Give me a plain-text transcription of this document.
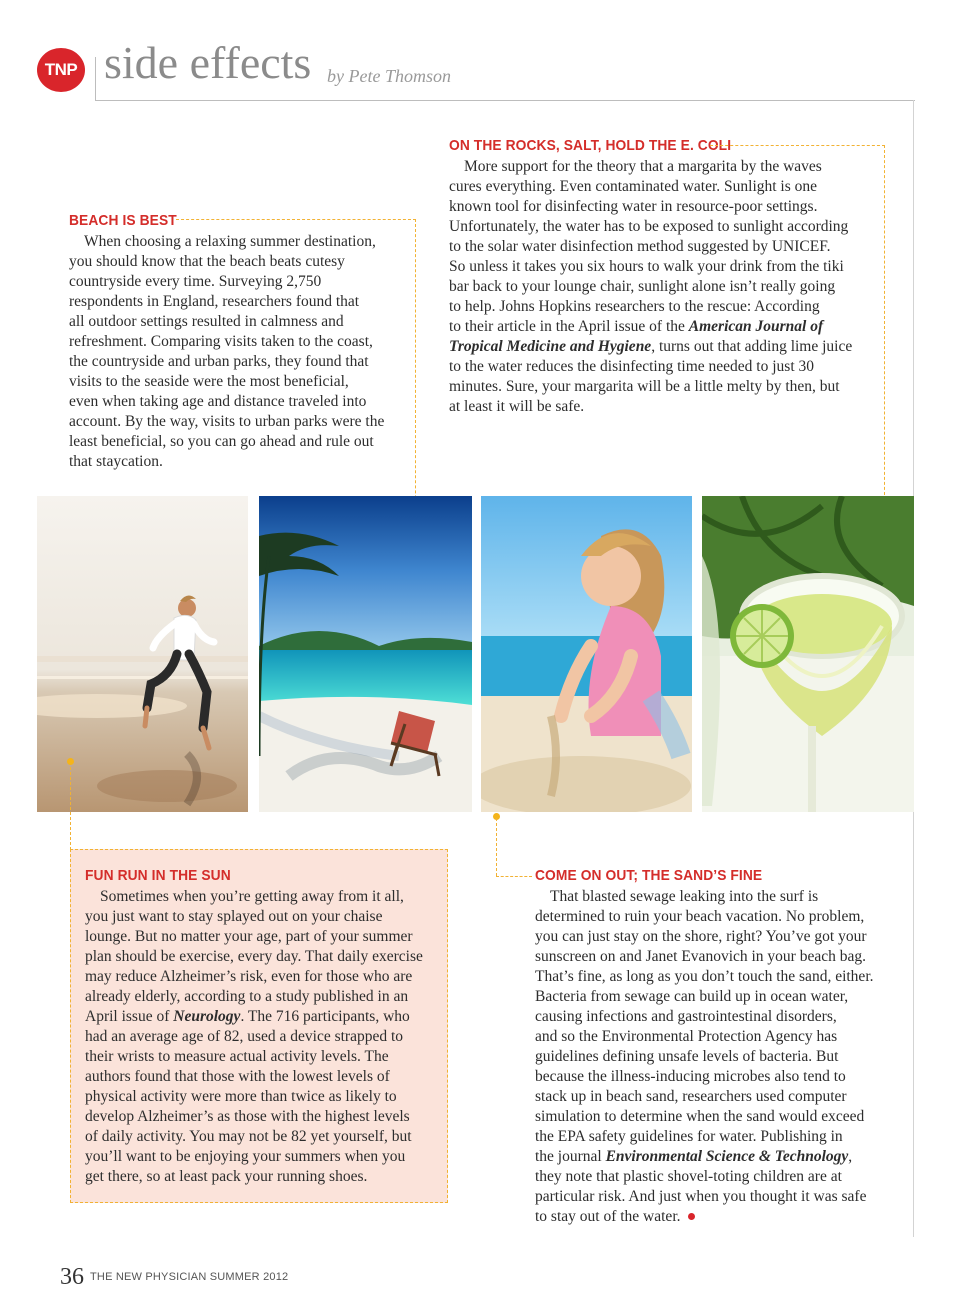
TNP side effects by Pete Thomson
ON THE ROCKS, SALT, HOLD THE E. COLI
More support for the theory that a margarita by the waves
cures everything. Even contaminated water. Sunlight is one
known tool for disinfecting water in resource-poor settings.
Unfortunately, the water has to be exposed to sunlight according
to the solar water disinfection method suggested by UNICEF.
So unless it takes you six hours to walk your drink from the tiki
bar back to your lounge chair, sunlight alone isn’t really going
to help. Johns Hopkins researchers to the rescue: According
to their article in the April issue of the American Journal of
Tropical Medicine and Hygiene, turns out that adding lime juice
to the water reduces the disinfecting time needed to just 30
minutes. Sure, your margarita will be a little melty by then, but
at least it will be safe.
BEACH IS BEST
When choosing a relaxing summer destination,
you should know that the beach beats cutesy
countryside every time. Surveying 2,750
respondents in England, researchers found that
all outdoor settings resulted in calmness and
refreshment. Comparing visits taken to the coast,
the countryside and urban parks, they found that
visits to the seaside were the most beneficial,
even when taking age and distance traveled into
account. By the way, visits to urban parks were the
least beneficial, so you can go ahead and rule out
that staycation.
FUN RUN IN THE SUN
Sometimes when you’re getting away from it all,
you just want to stay splayed out on your chaise
lounge. But no matter your age, part of your summer
plan should be exercise, every day. That daily exercise
may reduce Alzheimer’s risk, even for those who are
already elderly, according to a study published in an
April issue of Neurology. The 716 participants, who
had an average age of 82, used a device strapped to
their wrists to measure actual activity levels. The
authors found that those with the lowest levels of
physical activity were more than twice as likely to
develop Alzheimer’s as those with the highest levels
of daily activity. You may not be 82 yet yourself, but
you’ll want to be enjoying your summers when you
get there, so at least pack your running shoes.
COME ON OUT; THE SAND’S FINE
That blasted sewage leaking into the surf is
determined to ruin your beach vacation. No problem,
you can just stay on the shore, right? You’ve got your
sunscreen on and Janet Evanovich in your beach bag.
That’s fine, as long as you don’t touch the sand, either.
Bacteria from sewage can build up in ocean water,
causing infections and gastrointestinal disorders,
and so the Environmental Protection Agency has
guidelines defining unsafe levels of bacteria. But
because the illness-inducing microbes also tend to
stack up in beach sand, researchers used computer
simulation to determine when the sand would exceed
the EPA safety guidelines for water. Publishing in
the journal Environmental Science & Technology,
they note that plastic shovel-toting children are at
particular risk. And just when you thought it was safe
to stay out of the water.
36 THE NEW PHYSICIAN SUMMER 2012
